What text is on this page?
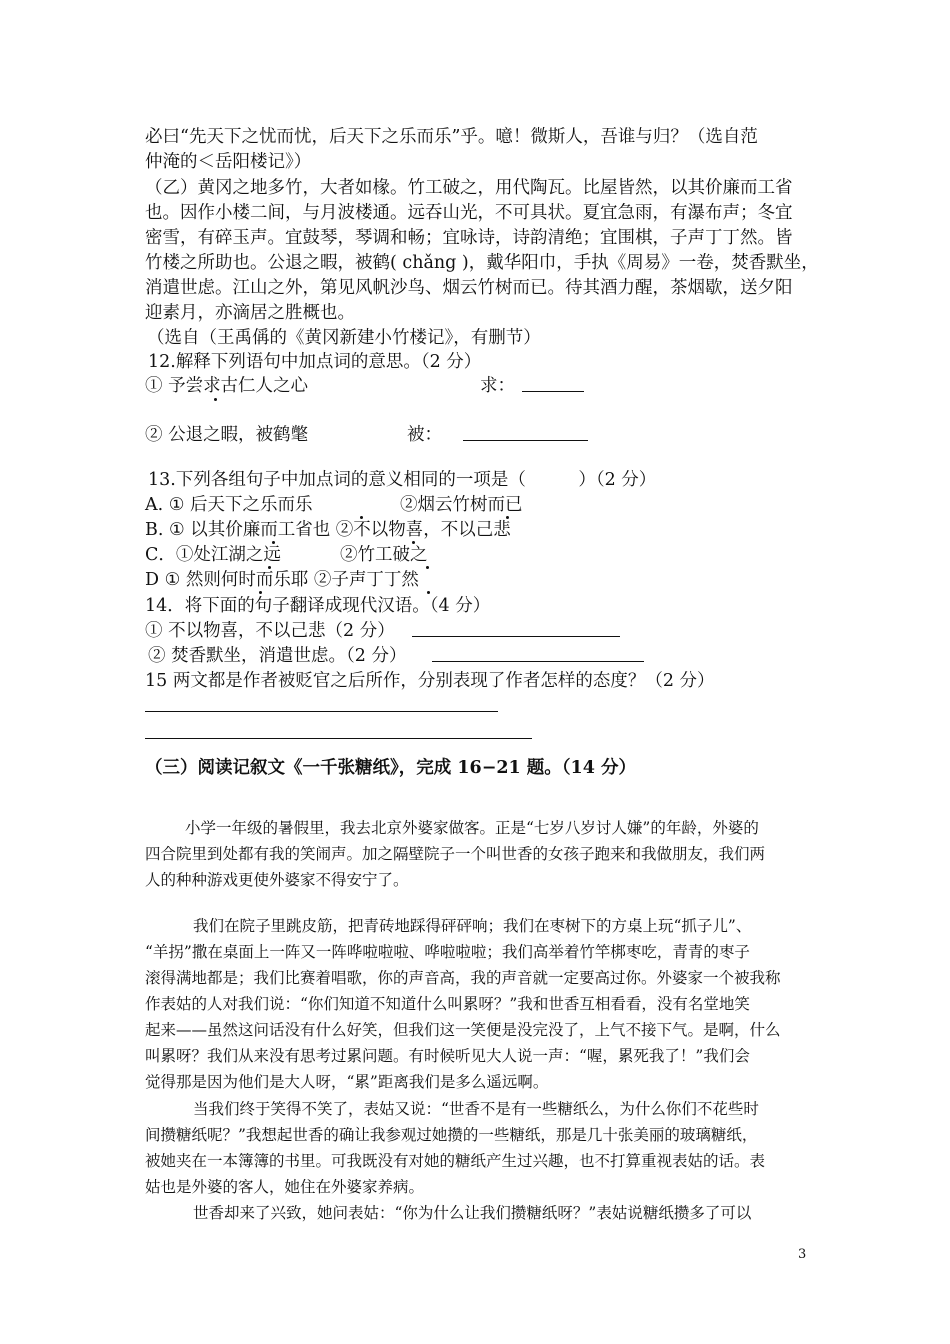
必曰“先天下之忧而忧，后天下之乐而乐”乎。噫！微斯人，吾谁与归？（选自范
仲淹的＜岳阳楼记》）
（乙）黄冈之地多竹，大者如椽。竹工破之，用代陶瓦。比屋皆然，以其价廉而工省
也。因作小楼二间，与月波楼通。远吞山光，不可具状。夏宜急雨，有瀑布声；冬宜
密雪，有碎玉声。宜鼓琴，琴调和畅；宜咏诗，诗韵清绝；宜围棋，子声丁丁然。皆
竹楼之所助也。公退之暇，被鹤( chǎng )，戴华阳巾，手执《周易》一卷，焚香默坐，
消遣世虑。江山之外，第见风帆沙鸟、烟云竹树而已。待其酒力醒，茶烟歇，送夕阳
迎素月，亦滴居之胜概也。
（选自（王禹偁的《黄冈新建小竹楼记》，有删节）
12.解释下列语句中加点词的意思。（2 分）
① 予尝求古仁人之心	求：
② 公退之暇，被鹤氅	被：
13.下列各组句子中加点词的意义相同的一项是（　　　）（2 分）
A. ① 后天下之乐而乐	②烟云竹树而已
B. ① 以其价廉而工省也 ②不以物喜，不以己悲
C．①处江湖之远	②竹工破之
D ① 然则何时而乐耶 ②子声丁丁然
14．将下面的句子翻译成现代汉语。（4 分）
① 不以物喜，不以己悲（2 分）
② 焚香默坐，消遣世虑。（2 分）
15 两文都是作者被贬官之后所作，分别表现了作者怎样的态度？（2 分）
（三）阅读记叙文《一千张糖纸》，完成 16−21 题。（14 分）
小学一年级的暑假里，我去北京外婆家做客。正是“七岁八岁讨人嫌”的年龄，外婆的
四合院里到处都有我的笑闹声。加之隔壁院子一个叫世香的女孩子跑来和我做朋友，我们两
人的种种游戏更使外婆家不得安宁了。
我们在院子里跳皮筋，把青砖地踩得砰砰响；我们在枣树下的方桌上玩“抓子儿”、
“羊拐”撒在桌面上一阵又一阵哗啦啦啦、哗啦啦啦；我们高举着竹竿梆枣吃，青青的枣子
滚得满地都是；我们比赛着唱歌，你的声音高，我的声音就一定要高过你。外婆家一个被我称
作表姑的人对我们说：“你们知道不知道什么叫累呀？”我和世香互相看看，没有名堂地笑
起来——虽然这问话没有什么好笑，但我们这一笑便是没完没了，上气不接下气。是啊，什么
叫累呀？我们从来没有思考过累问题。有时候听见大人说一声：“喔，累死我了！”我们会
觉得那是因为他们是大人呀，“累”距离我们是多么遥远啊。
当我们终于笑得不笑了，表姑又说：“世香不是有一些糖纸么，为什么你们不花些时
间攒糖纸呢？”我想起世香的确让我参观过她攒的一些糖纸，那是几十张美丽的玻璃糖纸，
被她夹在一本簿簿的书里。可我既没有对她的糖纸产生过兴趣，也不打算重视表姑的话。表
姑也是外婆的客人，她住在外婆家养病。
世香却来了兴致，她问表姑：“你为什么让我们攒糖纸呀？”表姑说糖纸攒多了可以
3
